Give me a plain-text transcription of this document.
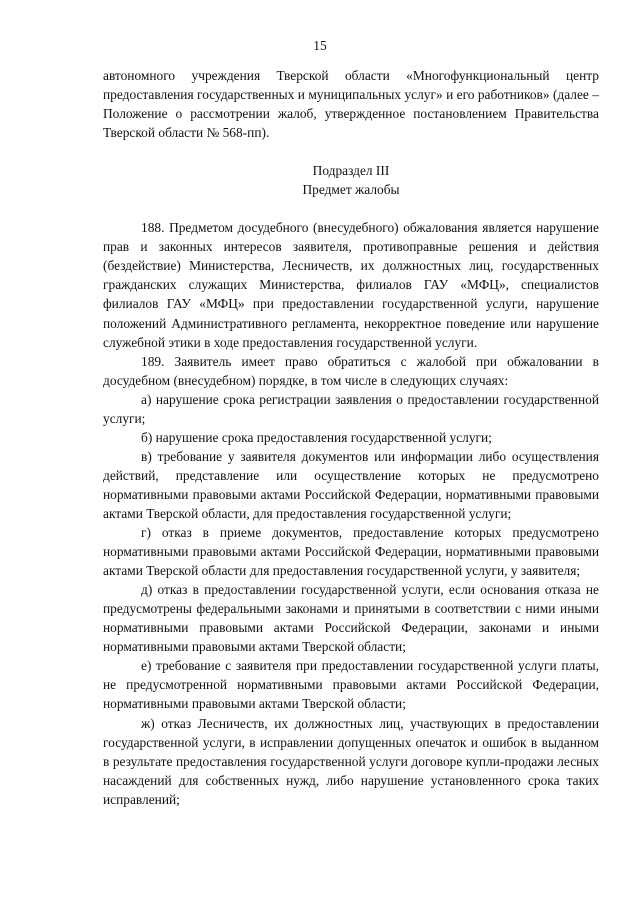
15

автономного учреждения Тверской области «Многофункциональный центр предоставления государственных и муниципальных услуг» и его работников» (далее – Положение о рассмотрении жалоб, утвержденное постановлением Правительства Тверской области № 568-пп).

Подраздел III

Предмет жалобы

188. Предметом досудебного (внесудебного) обжалования является нарушение прав и законных интересов заявителя, противоправные решения и действия (бездействие) Министерства, Лесничеств, их должностных лиц, государственных гражданских служащих Министерства, филиалов ГАУ «МФЦ», специалистов филиалов ГАУ «МФЦ» при предоставлении государственной услуги, нарушение положений Административного регламента, некорректное поведение или нарушение служебной этики в ходе предоставления государственной услуги.

189. Заявитель имеет право обратиться с жалобой при обжаловании в досудебном (внесудебном) порядке, в том числе в следующих случаях:

а) нарушение срока регистрации заявления о предоставлении государственной услуги;

б) нарушение срока предоставления государственной услуги;

в) требование у заявителя документов или информации либо осуществления действий, представление или осуществление которых не предусмотрено нормативными правовыми актами Российской Федерации, нормативными правовыми актами Тверской области, для предоставления государственной услуги;

г) отказ в приеме документов, предоставление которых предусмотрено нормативными правовыми актами Российской Федерации, нормативными правовыми актами Тверской области для предоставления государственной услуги, у заявителя;

д) отказ в предоставлении государственной услуги, если основания отказа не предусмотрены федеральными законами и принятыми в соответствии с ними иными нормативными правовыми актами Российской Федерации, законами и иными нормативными правовыми актами Тверской области;

е) требование с заявителя при предоставлении государственной услуги платы, не предусмотренной нормативными правовыми актами Российской Федерации, нормативными правовыми актами Тверской области;

ж) отказ Лесничеств, их должностных лиц, участвующих в предоставлении государственной услуги, в исправлении допущенных опечаток и ошибок в выданном в результате предоставления государственной услуги договоре купли-продажи лесных насаждений для собственных нужд, либо нарушение установленного срока таких исправлений;
